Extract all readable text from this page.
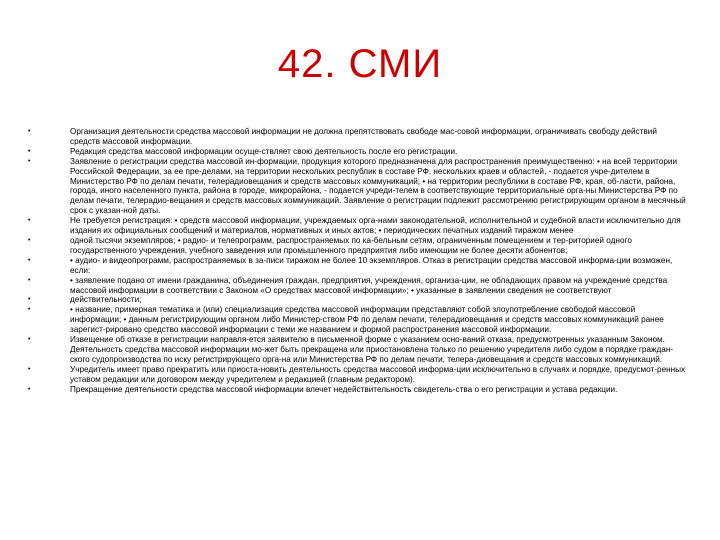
42. СМИ
•	Организация деятельности средства массовой информации не должна препятствовать свободе мас-совой информации, ограничивать свободу действий средств массовой информации.
•	Редакция средства массовой информации осуще-ствляет свою деятельность после его регистрации.
•	Заявление о регистрации средства массовой ин-формации, продукция которого предназначена для распространения преимущественно: • на всей территории Российской Федерации, за ее пре-делами, на территории нескольких республик в составе РФ, нескольких краев и областей, - подается учре-дителем в Министерство РФ по делам печати, телерадиовещания и средств массовых коммуникаций; • на территории республики в составе РФ, края, об-ласти, района, города, иного населенного пункта, района в городе, микрорайона, - подается учреди-телем в соответствующие территориальные орга-ны Министерства РФ по делам печати, телерадио-вещания и средств массовых коммуникаций. Заявление о регистрации подлежит рассмотрению регистрирующим органом в месячный срок с указан-ной даты.
•	Не требуется регистрация: • средств массовой информации, учреждаемых орга-нами законодательной, исполнительной и судебной власти исключительно для издания их официальных сообщений и материалов, нормативных и иных актов; • периодических печатных изданий тиражом менее
•	одной тысячи экземпляров; • радио- и телепрограмм, распространяемых по ка-бельным сетям, ограниченным помещением и тер-риторией одного государственного учреждения, учебного заведения или промышленного предприятия либо имеющим не более десяти абонентов;
•	• аудио- и видеопрограмм, распространяемых в за-писи тиражом не более 10 экземпляров. Отказ в регистрации средства массовой информа-ции возможен, если:
•	• заявление подано от имени гражданина, объединения граждан, предприятия, учреждения, организа-ции, не обладающих правом на учреждение средства массовой информации в соответствии с Законом «О средствах массовой информации»; • указанные в заявлении сведения не соответствуют
•	действительности;
•	• название, примерная тематика и (или) специализация средства массовой информации представляют собой злоупотребление свободой массовой информации; • данным регистрирующим органом либо Министер-ством РФ по делам печати, телерадиовещания и средств массовых коммуникаций ранее зарегист-рировано средство массовой информации с теми же названием и формой распространения массовой информации.
•	Извещение об отказе в регистрации направля-ется заявителю в письменной форме с указанием осно-ваний отказа, предусмотренных указанным Законом. Деятельность средства массовой информации мо-жет быть прекращена или приостановлена только по решению учредителя либо судом в порядке граждан-ского судопроизводства по иску регистрирующего орга-на или Министерства РФ по делам печати, телера-диовещания и средств массовых коммуникаций.
•	Учредитель имеет право прекратить или приоста-новить деятельность средства массовой информа-ции исключительно в случаях и порядке, предусмот-ренных уставом редакции или договором между учредителем и редакцией (главным редактором).
•	Прекращение деятельности средства массовой информации влечет недействительность свидетель-ства о его регистрации и устава редакции.
